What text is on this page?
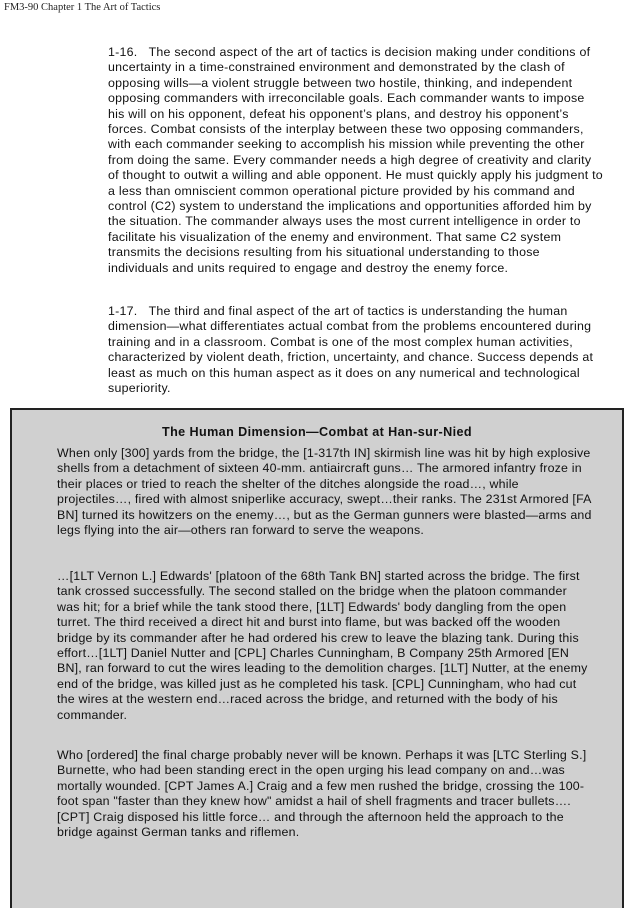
FM3-90 Chapter 1 The Art of Tactics

1-16. The second aspect of the art of tactics is decision making under conditions of uncertainty in a time-constrained environment and demonstrated by the clash of opposing wills—a violent struggle between two hostile, thinking, and independent opposing commanders with irreconcilable goals. Each commander wants to impose his will on his opponent, defeat his opponent’s plans, and destroy his opponent’s forces. Combat consists of the interplay between these two opposing commanders, with each commander seeking to accomplish his mission while preventing the other from doing the same. Every commander needs a high degree of creativity and clarity of thought to outwit a willing and able opponent. He must quickly apply his judgment to a less than omniscient common operational picture provided by his command and control (C2) system to understand the implications and opportunities afforded him by the situation. The commander always uses the most current intelligence in order to facilitate his visualization of the enemy and environment. That same C2 system transmits the decisions resulting from his situational understanding to those individuals and units required to engage and destroy the enemy force.

1-17. The third and final aspect of the art of tactics is understanding the human dimension—what differentiates actual combat from the problems encountered during training and in a classroom. Combat is one of the most complex human activities, characterized by violent death, friction, uncertainty, and chance. Success depends at least as much on this human aspect as it does on any numerical and technological superiority.

The Human Dimension—Combat at Han-sur-Nied

When only [300] yards from the bridge, the [1-317th IN] skirmish line was hit by high explosive shells from a detachment of sixteen 40-mm. antiaircraft guns… The armored infantry froze in their places or tried to reach the shelter of the ditches alongside the road…, while projectiles…, fired with almost sniperlike accuracy, swept…their ranks. The 231st Armored [FA BN] turned its howitzers on the enemy…, but as the German gunners were blasted—arms and legs flying into the air—others ran forward to serve the weapons.

…[1LT Vernon L.] Edwards' [platoon of the 68th Tank BN] started across the bridge. The first tank crossed successfully. The second stalled on the bridge when the platoon commander was hit; for a brief while the tank stood there, [1LT] Edwards' body dangling from the open turret. The third received a direct hit and burst into flame, but was backed off the wooden bridge by its commander after he had ordered his crew to leave the blazing tank. During this effort…[1LT] Daniel Nutter and [CPL] Charles Cunningham, B Company 25th Armored [EN BN], ran forward to cut the wires leading to the demolition charges. [1LT] Nutter, at the enemy end of the bridge, was killed just as he completed his task. [CPL] Cunningham, who had cut the wires at the western end…raced across the bridge, and returned with the body of his commander.

Who [ordered] the final charge probably never will be known. Perhaps it was [LTC Sterling S.] Burnette, who had been standing erect in the open urging his lead company on and…was mortally wounded. [CPT James A.] Craig and a few men rushed the bridge, crossing the 100-foot span "faster than they knew how" amidst a hail of shell fragments and tracer bullets…. [CPT] Craig disposed his little force… and through the afternoon held the approach to the bridge against German tanks and riflemen.
